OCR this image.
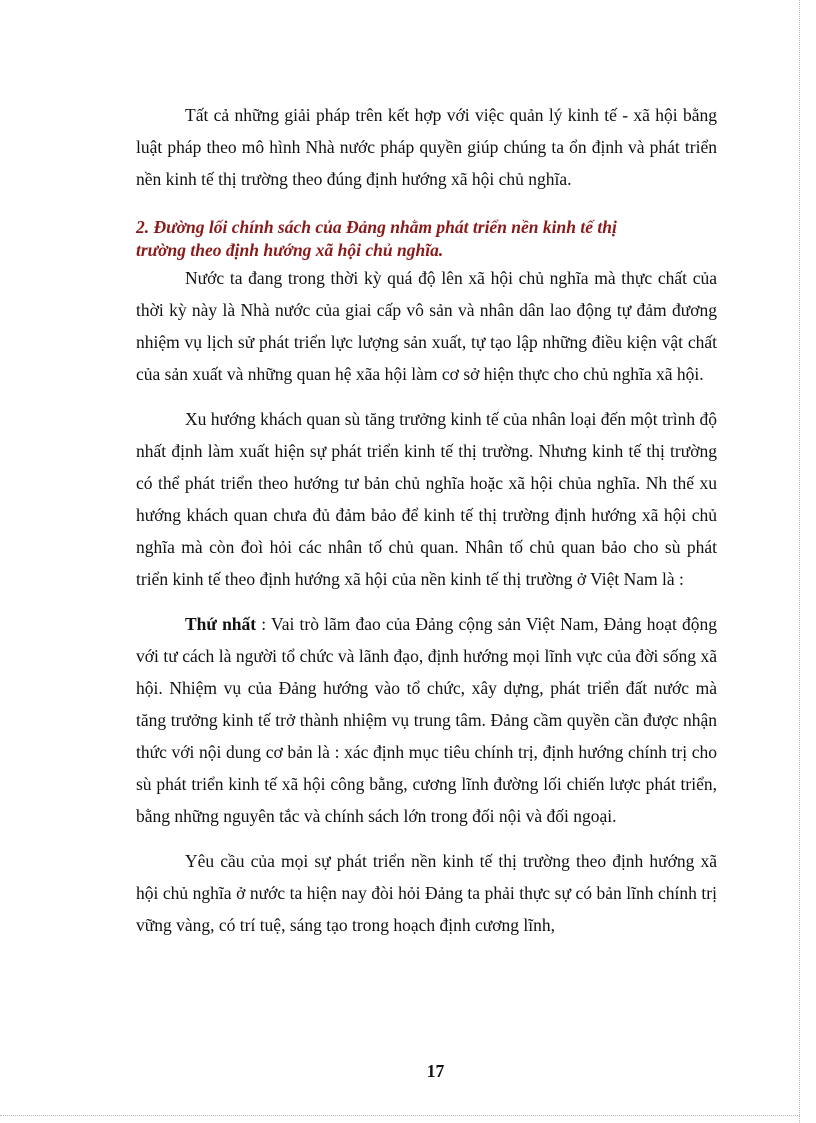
Tất cả những giải pháp trên kết hợp với việc quản lý kinh tế - xã hội bằng luật pháp theo mô hình Nhà nước pháp quyền giúp chúng ta ổn định và phát triển nền kinh tế thị trường theo đúng định hướng xã hội chủ nghĩa.

2. Đường lối chính sách của Đảng nhằm phát triển nền kinh tế thị
trường theo định hướng xã hội chủ nghĩa.

Nước ta đang trong thời kỳ quá độ lên xã hội chủ nghĩa mà thực chất của thời kỳ này là Nhà nước của giai cấp vô sản và nhân dân lao động tự đảm đương nhiệm vụ lịch sử phát triển lực lượng sản xuất, tự tạo lập những điều kiện vật chất của sản xuất và những quan hệ xãa hội làm cơ sở hiện thực cho chủ nghĩa xã hội.

Xu hướng khách quan sù tăng trưởng kinh tế của nhân loại đến một trình độ nhất định làm xuất hiện sự phát triển kinh tế thị trường. Nhưng kinh tế thị trường có thể phát triển theo hướng tư bản chủ nghĩa hoặc xã hội chủa nghĩa. Nh thế xu hướng khách quan chưa đủ đảm bảo để kinh tế thị trường định hướng xã hội chủ nghĩa mà còn đoì hỏi các nhân tố chủ quan. Nhân tố chủ quan bảo cho sù phát triển kinh tế theo định hướng xã hội của nền kinh tế thị trường ở Việt Nam là :

Thứ nhất : Vai trò lãm đao của Đảng cộng sản Việt Nam, Đảng hoạt động với tư cách là người tổ chức và lãnh đạo, định hướng mọi lĩnh vực của đời sống xã hội. Nhiệm vụ của Đảng hướng vào tổ chức, xây dựng, phát triển đất nước mà tăng trưởng kinh tế trở thành nhiệm vụ trung tâm. Đảng cầm quyền cần được nhận thức với nội dung cơ bản là : xác định mục tiêu chính trị, định hướng chính trị cho sù phát triển kinh tế xã hội công bằng, cương lĩnh đường lối chiến lược phát triển, bằng những nguyên tắc và chính sách lớn trong đối nội và đối ngoại.

Yêu cầu của mọi sự phát triển nền kinh tế thị trường theo định hướng xã hội chủ nghĩa ở nước ta hiện nay đòi hỏi Đảng ta phải thực sự có bản lĩnh chính trị vững vàng, có trí tuệ, sáng tạo trong hoạch định cương lĩnh,

17
